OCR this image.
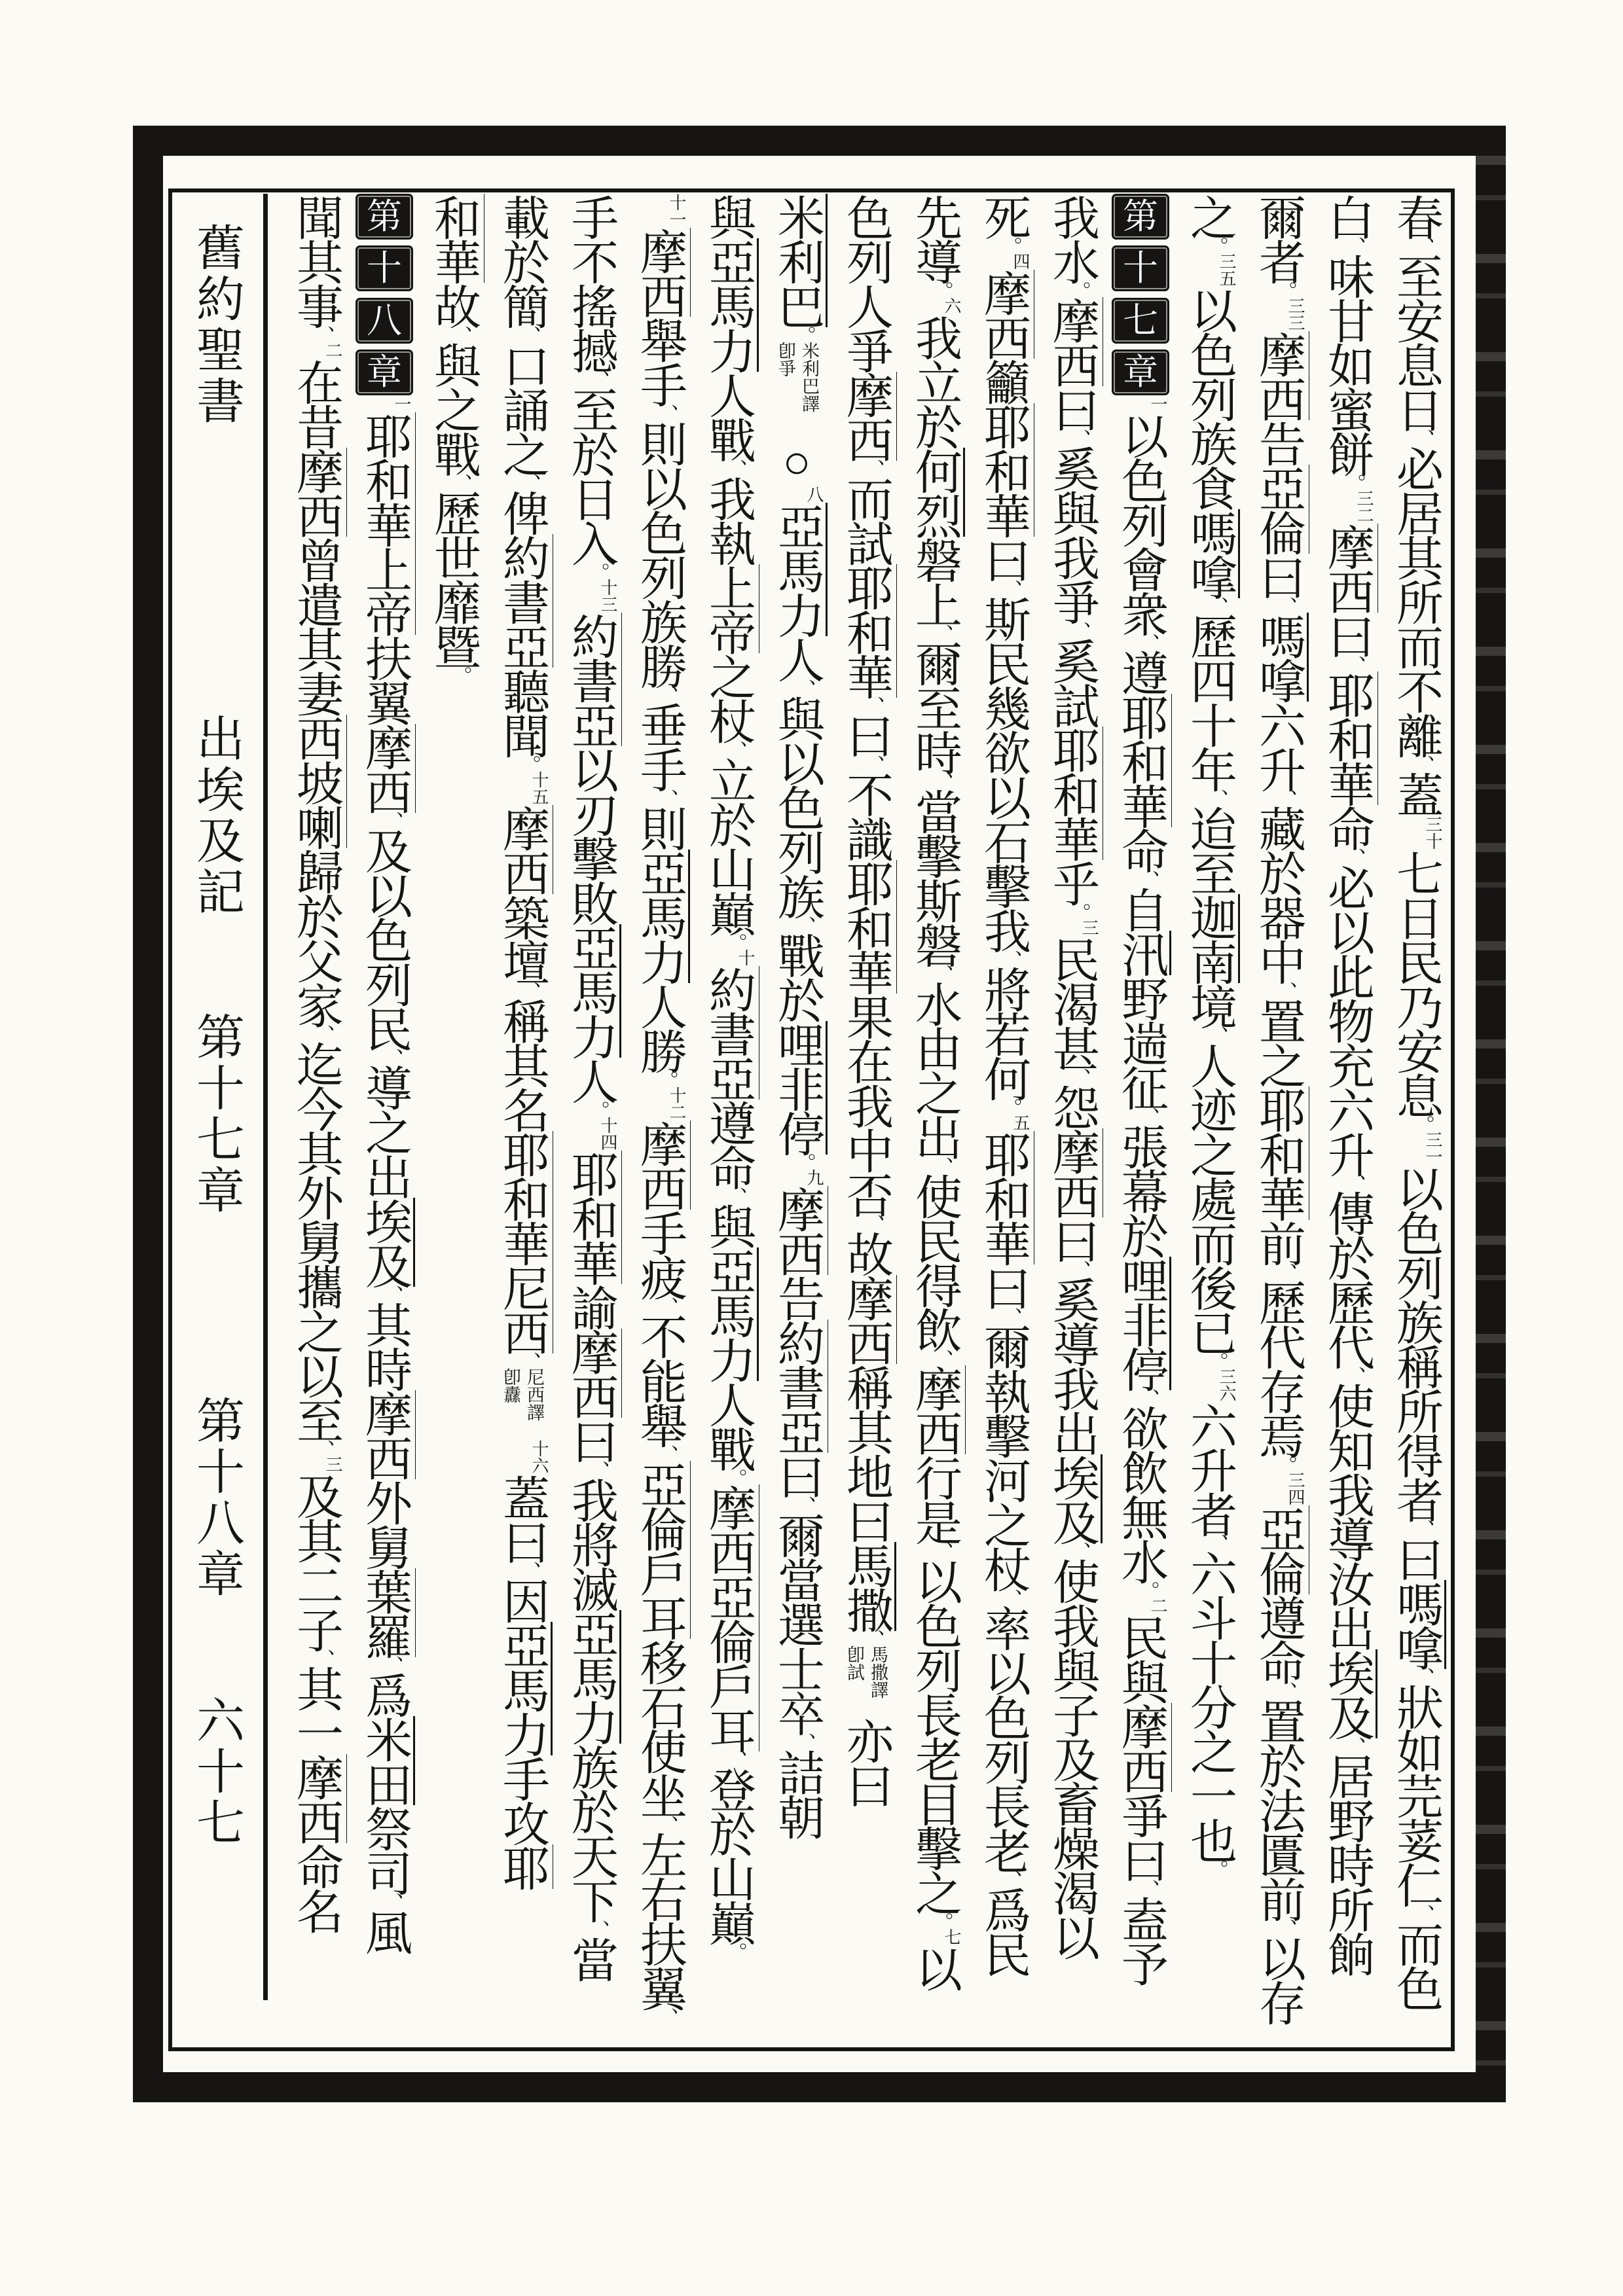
舊約聖書
出埃及記
第十七章
第十八章
六十七
春、至安息日、必居其所而不離、蓋三十七日民乃安息。三一以色列族稱所得者、曰嗎嗱、狀如芫荽仁、而色
白、味甘如蜜餅。三二摩西曰、耶和華命、必以此物充六升、傳於歷代、使知我導汝出埃及、居野時所餉
爾者。三三摩西告亞倫曰、嗎嗱六升、藏於器中、置之耶和華前、歷代存焉。三四亞倫遵命、置於法匱前、以存
之。三五以色列族食嗎嗱、歷四十年、迨至迦南境、人迹之處而後已。三六六升者、六斗十分之一也。
第
十
七
章
一以色列會衆、遵耶和華命、自汛野遄征、張幕於哩非停、欲飲無水。二民與摩西爭曰、盍予
我水。摩西曰、奚與我爭、奚試耶和華乎。三民渴甚、怨摩西曰、奚導我出埃及、使我與子及畜燥渴以
死。四摩西籲耶和華曰、斯民幾欲以石擊我、將若何。五耶和華曰、爾執擊河之杖、率以色列長老、爲民
先導。六我立於何烈磐上、爾至時、當擊斯磐、水由之出、使民得飲、摩西行是、以色列長老目擊之。七以
色列人爭摩西、而試耶和華、曰、不識耶和華果在我中否、故摩西稱其地曰馬撒、
馬撒譯
卽試
亦曰
米利巴。
米利巴譯
卽爭
○八亞馬力人、與以色列族、戰於哩非停。九摩西告約書亞曰、爾當選士卒、詰朝
與亞馬力人戰、我執上帝之杖、立於山巔。十約書亞遵命、與亞馬力人戰。摩西亞倫戶耳、登於山巔。
十一摩西舉手、則以色列族勝、垂手、則亞馬力人勝。十二摩西手疲、不能舉、亞倫戶耳移石使坐、左右扶翼、
手不搖撼、至於日入。十三約書亞以刃擊敗亞馬力人。十四耶和華諭摩西曰、我將滅亞馬力族於天下、當
載於簡、口誦之、俾約書亞聽聞。十五摩西築壇、稱其名耶和華尼西、
尼西譯
卽纛
十六蓋曰、因亞馬力手攻耶
和華故、與之戰、歷世靡暨。
第
十
八
章
一耶和華上帝扶翼摩西、及以色列民、導之出埃及、其時摩西外舅葉羅、爲米田祭司、風
聞其事、二在昔摩西曾遣其妻西坡喇歸於父家、迄今其外舅攜之以至、三及其二子、其一摩西命名
